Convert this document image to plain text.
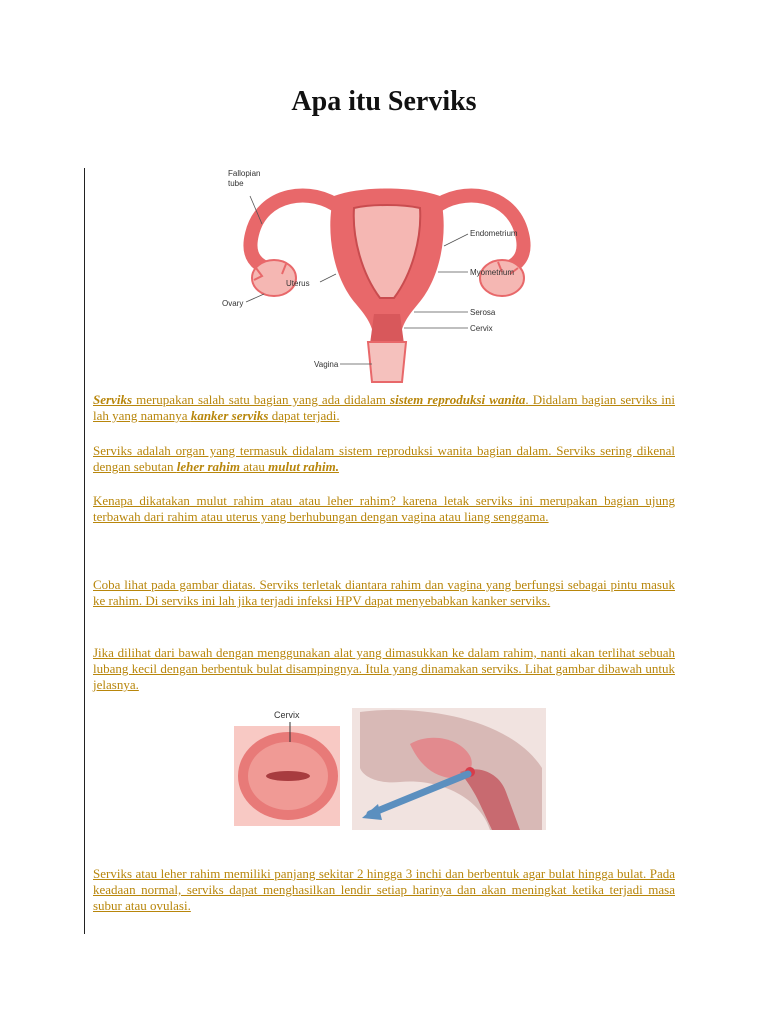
Apa itu Serviks
Fallopian
tube
Endometrium
Uterus
Myometrium
Ovary
Serosa
Cervix
Vagina

Serviks merupakan salah satu bagian yang ada didalam sistem reproduksi wanita. Didalam bagian serviks ini lah yang namanya kanker serviks dapat terjadi.

Serviks adalah organ yang termasuk didalam sistem reproduksi wanita bagian dalam. Serviks sering dikenal dengan sebutan leher rahim atau mulut rahim.

Kenapa dikatakan mulut rahim atau atau leher rahim? karena letak serviks ini merupakan bagian ujung terbawah dari rahim atau uterus yang berhubungan dengan vagina atau liang senggama.

Coba lihat pada gambar diatas. Serviks terletak diantara rahim dan vagina yang berfungsi sebagai pintu masuk ke rahim. Di serviks ini lah jika terjadi infeksi HPV dapat menyebabkan kanker serviks.

Jika dilihat dari bawah dengan menggunakan alat yang dimasukkan ke dalam rahim, nanti akan terlihat sebuah lubang kecil dengan berbentuk bulat disampingnya. Itula yang dinamakan serviks. Lihat gambar dibawah untuk jelasnya.

Cervix

Serviks atau leher rahim memiliki panjang sekitar 2 hingga 3 inchi dan berbentuk agar bulat hingga bulat. Pada keadaan normal, serviks dapat menghasilkan lendir setiap harinya dan akan meningkat ketika terjadi masa subur atau ovulasi.
